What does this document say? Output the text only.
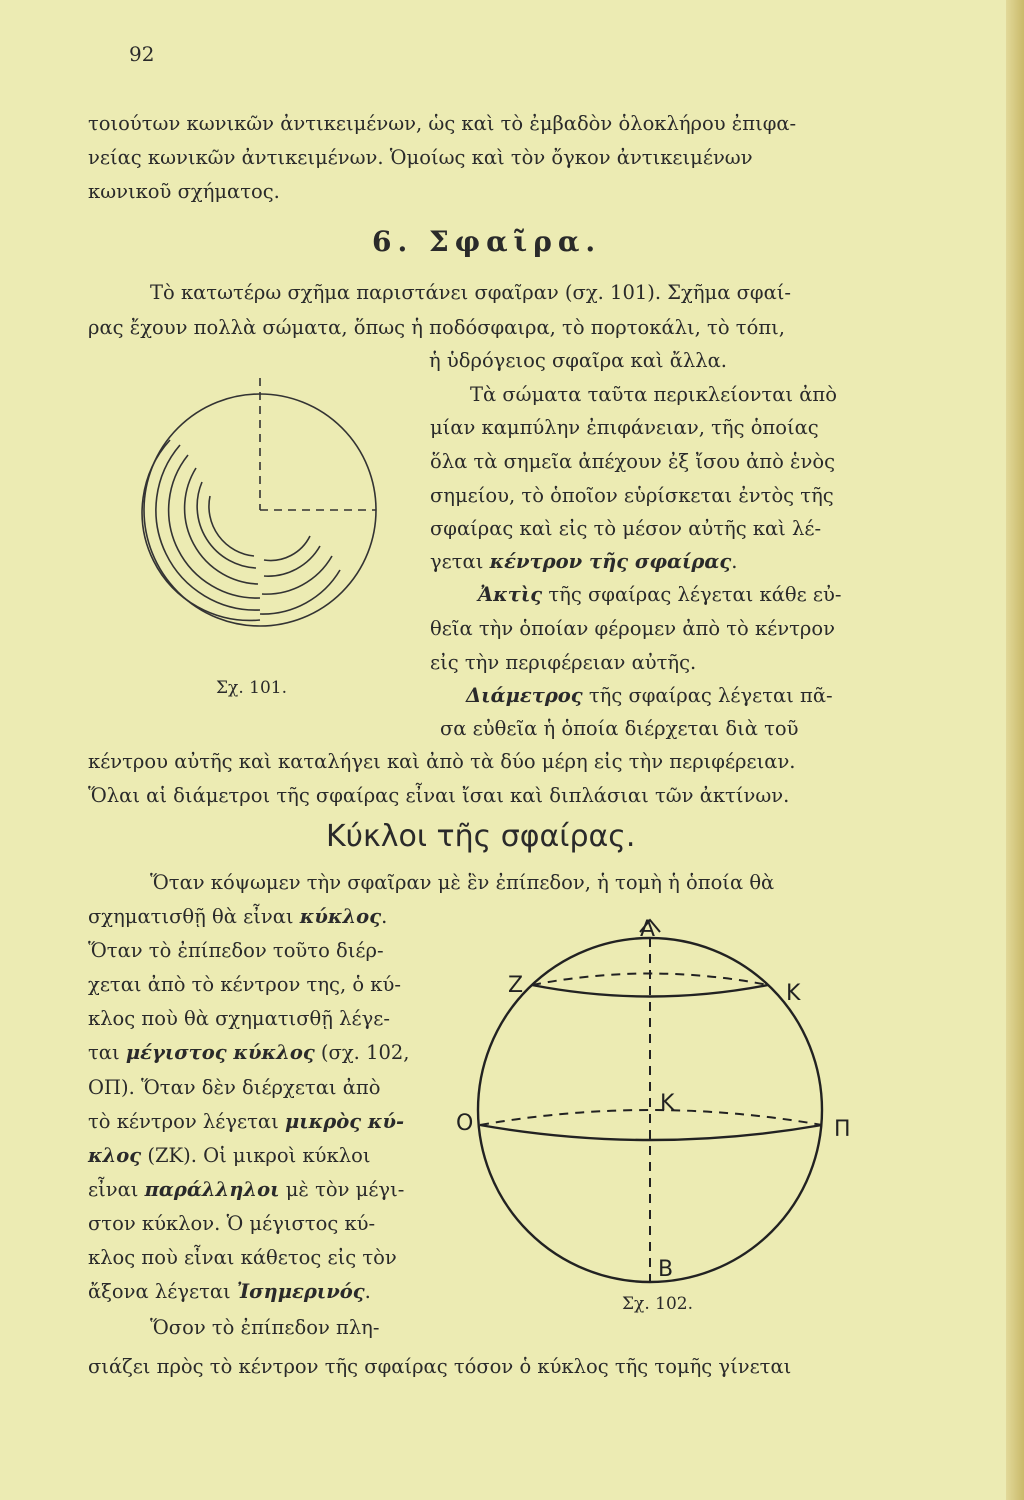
92
τοιούτων κωνικῶν ἀντικειμένων, ὡς καὶ τὸ ἐμβαδὸν ὁλοκλήρου ἐπιφα-
νείας κωνικῶν ἀντικειμένων. Ὁμοίως καὶ τὸν ὄγκον ἀντικειμένων
κωνικοῦ σχήματος.
6. Σφαῖρα.
Τὸ κατωτέρω σχῆμα παριστάνει σφαῖραν (σχ. 101). Σχῆμα σφαί-
ρας ἔχουν πολλὰ σώματα, ὅπως ἡ ποδόσφαιρα, τὸ πορτοκάλι, τὸ τόπι,
ἡ ὑδρόγειος σφαῖρα καὶ ἄλλα.
Σχ. 101.
Τὰ σώματα ταῦτα περικλείονται ἀπὸ
μίαν καμπύλην ἐπιφάνειαν, τῆς ὁποίας
ὅλα τὰ σημεῖα ἀπέχουν ἐξ ἴσου ἀπὸ ἑνὸς
σημείου, τὸ ὁποῖον εὑρίσκεται ἐντὸς τῆς
σφαίρας καὶ εἰς τὸ μέσον αὐτῆς καὶ λέ-
γεται κέντρον τῆς σφαίρας.
Ἀκτὶς τῆς σφαίρας λέγεται κάθε εὐ-
θεῖα τὴν ὁποίαν φέρομεν ἀπὸ τὸ κέντρον
εἰς τὴν περιφέρειαν αὐτῆς.
Διάμετρος τῆς σφαίρας λέγεται πᾶ-
σα εὐθεῖα ἡ ὁποία διέρχεται διὰ τοῦ
κέντρου αὐτῆς καὶ καταλήγει καὶ ἀπὸ τὰ δύο μέρη εἰς τὴν περιφέρειαν.
Ὅλαι αἱ διάμετροι τῆς σφαίρας εἶναι ἴσαι καὶ διπλάσιαι τῶν ἀκτίνων.
Κύκλοι τῆς σφαίρας.
Ὅταν κόψωμεν τὴν σφαῖραν μὲ ἓν ἐπίπεδον, ἡ τομὴ ἡ ὁποία θὰ
σχηματισθῇ θὰ εἶναι κύκλος.
Ὅταν τὸ ἐπίπεδον τοῦτο διέρ-
χεται ἀπὸ τὸ κέντρον της, ὁ κύ-
κλος ποὺ θὰ σχηματισθῇ λέγε-
ται μέγιστος κύκλος (σχ. 102,
ΟΠ). Ὅταν δὲν διέρχεται ἀπὸ
τὸ κέντρον λέγεται μικρὸς κύ-
κλος (ΖΚ). Οἱ μικροὶ κύκλοι
εἶναι παράλληλοι μὲ τὸν μέγι-
στον κύκλον. Ὁ μέγιστος κύ-
κλος ποὺ εἶναι κάθετος εἰς τὸν
ἄξονα λέγεται Ἰσημερινός.
Ὅσον τὸ ἐπίπεδον πλη-
A
Z	K
K
O	Π
B
Σχ. 102.
σιάζει πρὸς τὸ κέντρον τῆς σφαίρας τόσον ὁ κύκλος τῆς τομῆς γίνεται
